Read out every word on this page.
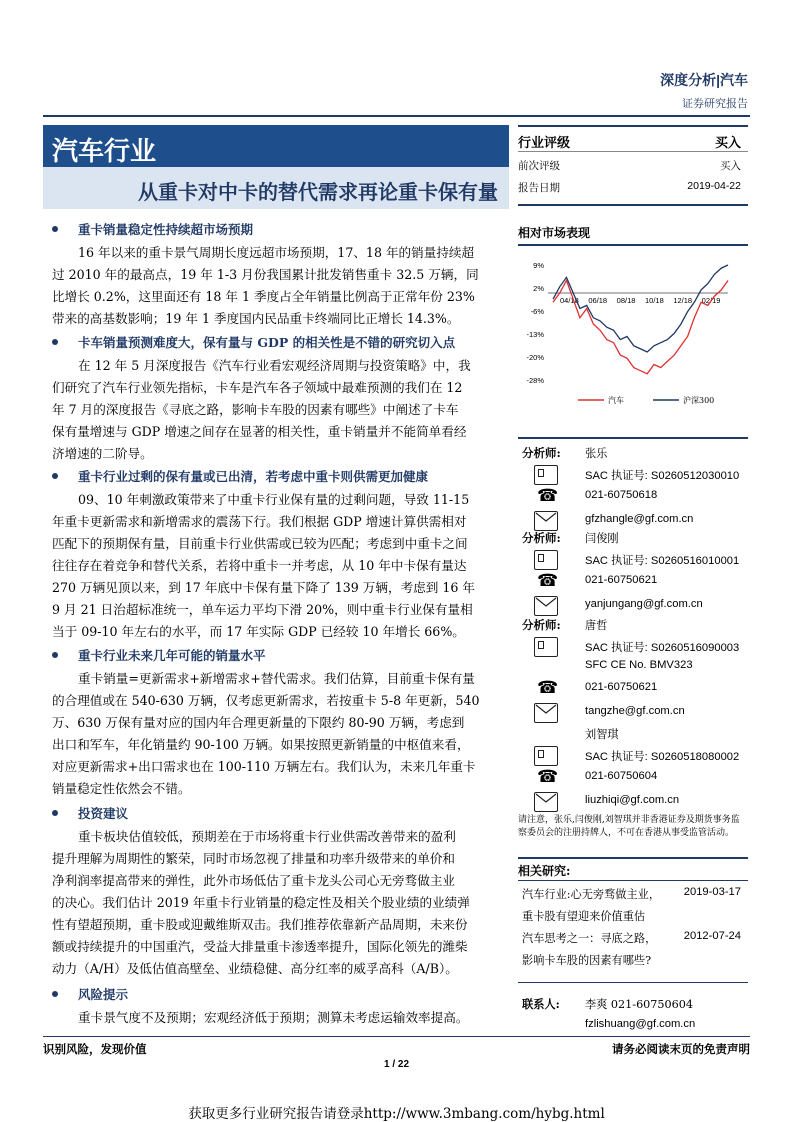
深度分析|汽车
证券研究报告
汽车行业
从重卡对中卡的替代需求再论重卡保有量
行业评级	买入
前次评级	买入
报告日期	2019-04-22
相对市场表现
9%
2%
-6%
-13%
-20%
-28%
04/18 06/18 08/18 10/18 12/18 02/19
汽车	沪深300
重卡销量稳定性持续超市场预期
16 年以来的重卡景气周期长度远超市场预期，17、18 年的销量持续超
过 2010 年的最高点，19 年 1-3 月份我国累计批发销售重卡 32.5 万辆，同
比增长 0.2%，这里面还有 18 年 1 季度占全年销量比例高于正常年份 23%
带来的高基数影响；19 年 1 季度国内民品重卡终端同比正增长 14.3%。
卡车销量预测难度大，保有量与 GDP 的相关性是不错的研究切入点
在 12 年 5 月深度报告《汽车行业看宏观经济周期与投资策略》中，我
们研究了汽车行业领先指标，卡车是汽车各子领域中最难预测的我们在 12
年 7 月的深度报告《寻底之路，影响卡车股的因素有哪些》中阐述了卡车
保有量增速与 GDP 增速之间存在显著的相关性，重卡销量并不能简单看经
济增速的二阶导。
重卡行业过剩的保有量或已出清，若考虑中重卡则供需更加健康
09、10 年刺激政策带来了中重卡行业保有量的过剩问题，导致 11-15
年重卡更新需求和新增需求的震荡下行。我们根据 GDP 增速计算供需相对
匹配下的预期保有量，目前重卡行业供需或已较为匹配；考虑到中重卡之间
往往存在着竞争和替代关系，若将中重卡一并考虑，从 10 年中卡保有量达
270 万辆见顶以来，到 17 年底中卡保有量下降了 139 万辆，考虑到 16 年
9 月 21 日治超标准统一，单车运力平均下滑 20%，则中重卡行业保有量相
当于 09-10 年左右的水平，而 17 年实际 GDP 已经较 10 年增长 66%。
重卡行业未来几年可能的销量水平
重卡销量=更新需求+新增需求+替代需求。我们估算，目前重卡保有量
的合理值或在 540-630 万辆，仅考虑更新需求，若按重卡 5-8 年更新，540
万、630 万保有量对应的国内年合理更新量的下限约 80-90 万辆，考虑到
出口和军车，年化销量约 90-100 万辆。如果按照更新销量的中枢值来看，
对应更新需求+出口需求也在 100-110 万辆左右。我们认为，未来几年重卡
销量稳定性依然会不错。
投资建议
重卡板块估值较低，预期差在于市场将重卡行业供需改善带来的盈利
提升理解为周期性的繁荣，同时市场忽视了排量和功率升级带来的单价和
净利润率提高带来的弹性，此外市场低估了重卡龙头公司心无旁骛做主业
的决心。我们估计 2019 年重卡行业销量的稳定性及相关个股业绩的业绩弹
性有望超预期，重卡股或迎戴维斯双击。我们推荐依靠新产品周期，未来份
额或持续提升的中国重汽，受益大排量重卡渗透率提升，国际化领先的潍柴
动力（A/H）及低估值高壁垒、业绩稳健、高分红率的威孚高科（A/B）。
风险提示
重卡景气度不及预期；宏观经济低于预期；测算未考虑运输效率提高。
分析师: 张乐
SAC 执证号: S0260512030010
☎ 021-60750618
gfzhangle@gf.com.cn
分析师: 闫俊刚
SAC 执证号: S0260516010001
☎ 021-60750621
yanjungang@gf.com.cn
分析师: 唐哲
SAC 执证号: S0260516090003
SFC CE No. BMV323
☎ 021-60750621
tangzhe@gf.com.cn
刘智琪
SAC 执证号: S0260518080002
☎ 021-60750604
liuzhiqi@gf.com.cn
请注意，张乐,闫俊刚,刘智琪并非香港证券及期货事务监察委员会的注册持牌人，不可在香港从事受监管活动。
相关研究:
汽车行业:心无旁骛做主业，
重卡股有望迎来价值重估
2019-03-17
汽车思考之一：寻底之路，
影响卡车股的因素有哪些?
2012-07-24
联系人: 李爽 021-60750604
fzlishuang@gf.com.cn
识别风险，发现价值	请务必阅读末页的免责声明
1 / 22
获取更多行业研究报告请登录http://www.3mbang.com/hybg.html
